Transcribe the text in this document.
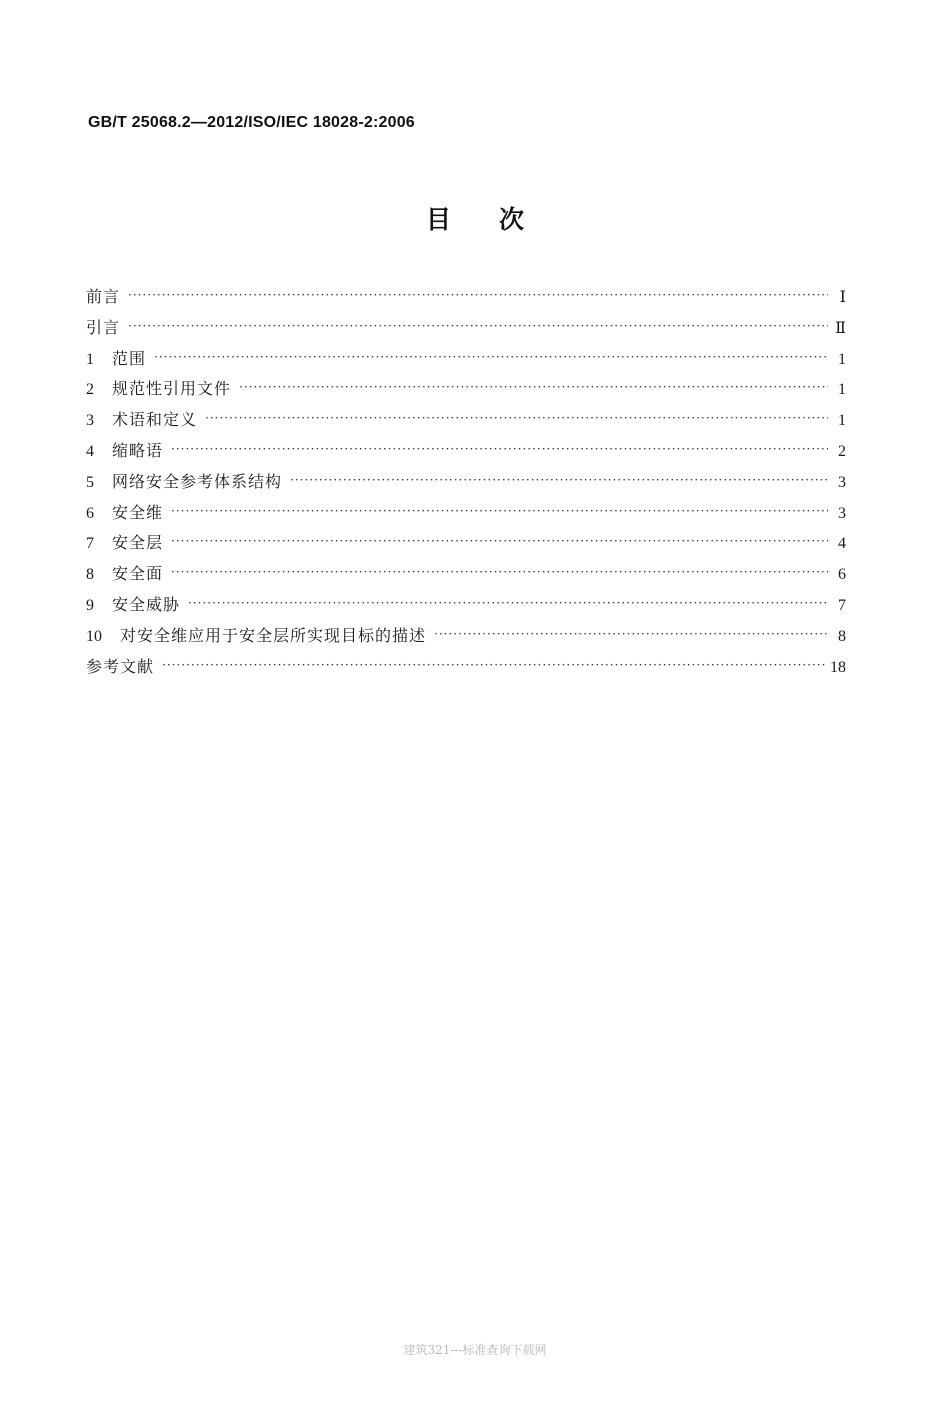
GB/T 25068.2—2012/ISO/IEC 18028-2:2006
目次
前言 ·····	Ⅰ
引言 ·····	Ⅱ
1	范围 ·····	1
2	规范性引用文件 ·····	1
3	术语和定义 ·····	1
4	缩略语 ·····	2
5	网络安全参考体系结构 ·····	3
6	安全维 ·····	3
7	安全层 ·····	4
8	安全面 ·····	6
9	安全威胁 ·····	7
10	对安全维应用于安全层所实现目标的描述 ·····	8
参考文献 ·····	18
建筑321---标准查询下载网
